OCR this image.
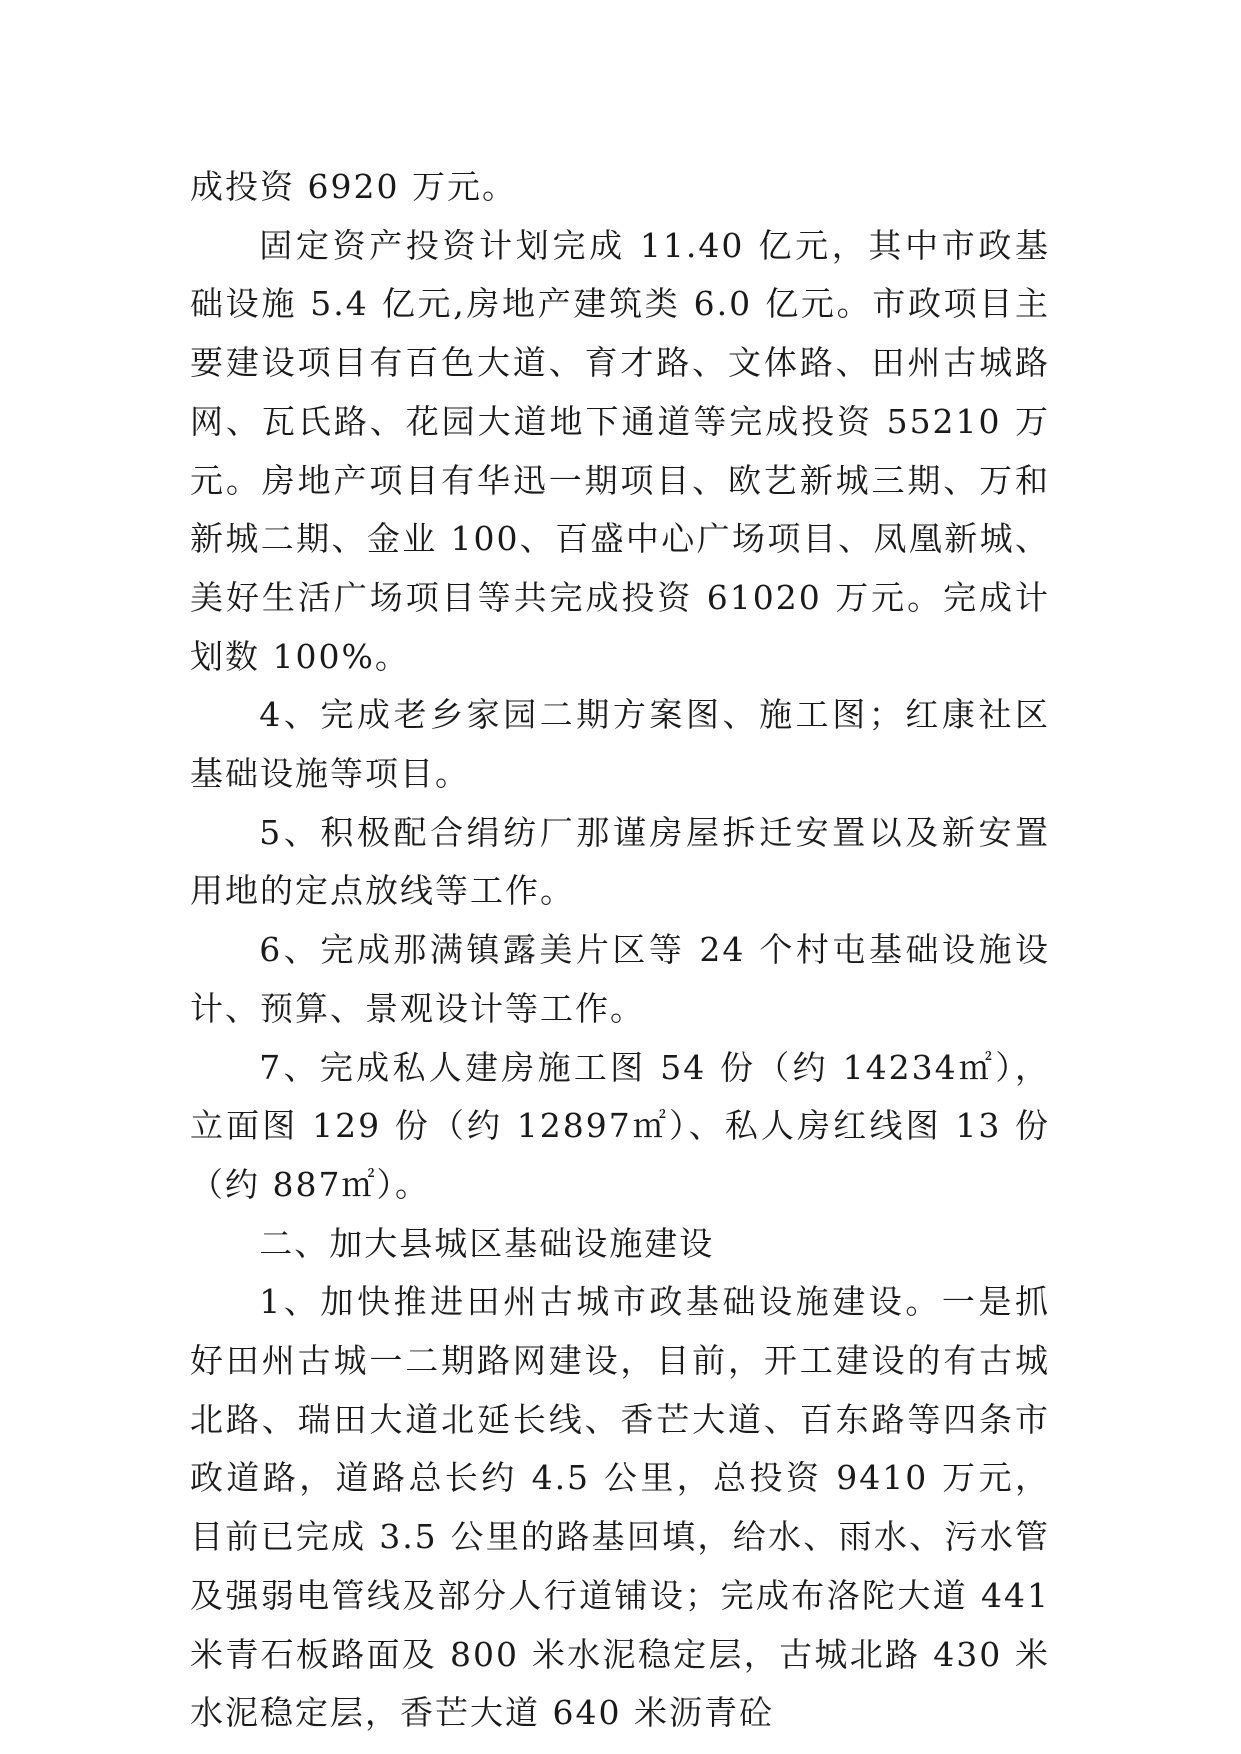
成投资 6920 万元。

固定资产投资计划完成 11.40 亿元，其中市政基础设施 5.4 亿元,房地产建筑类 6.0 亿元。市政项目主要建设项目有百色大道、育才路、文体路、田州古城路网、瓦氏路、花园大道地下通道等完成投资 55210 万元。房地产项目有华迅一期项目、欧艺新城三期、万和新城二期、金业 100、百盛中心广场项目、凤凰新城、美好生活广场项目等共完成投资 61020 万元。完成计划数 100%。

4、完成老乡家园二期方案图、施工图；红康社区基础设施等项目。

5、积极配合绢纺厂那谨房屋拆迁安置以及新安置用地的定点放线等工作。

6、完成那满镇露美片区等 24 个村屯基础设施设计、预算、景观设计等工作。

7、完成私人建房施工图 54 份（约 14234㎡），立面图 129 份（约 12897㎡）、私人房红线图 13 份（约 887㎡）。

二、加大县城区基础设施建设

1、加快推进田州古城市政基础设施建设。一是抓好田州古城一二期路网建设，目前，开工建设的有古城北路、瑞田大道北延长线、香芒大道、百东路等四条市政道路，道路总长约 4.5 公里，总投资 9410 万元，目前已完成 3.5 公里的路基回填，给水、雨水、污水管及强弱电管线及部分人行道铺设；完成布洛陀大道 441 米青石板路面及 800 米水泥稳定层，古城北路 430 米水泥稳定层，香芒大道 640 米沥青砼
